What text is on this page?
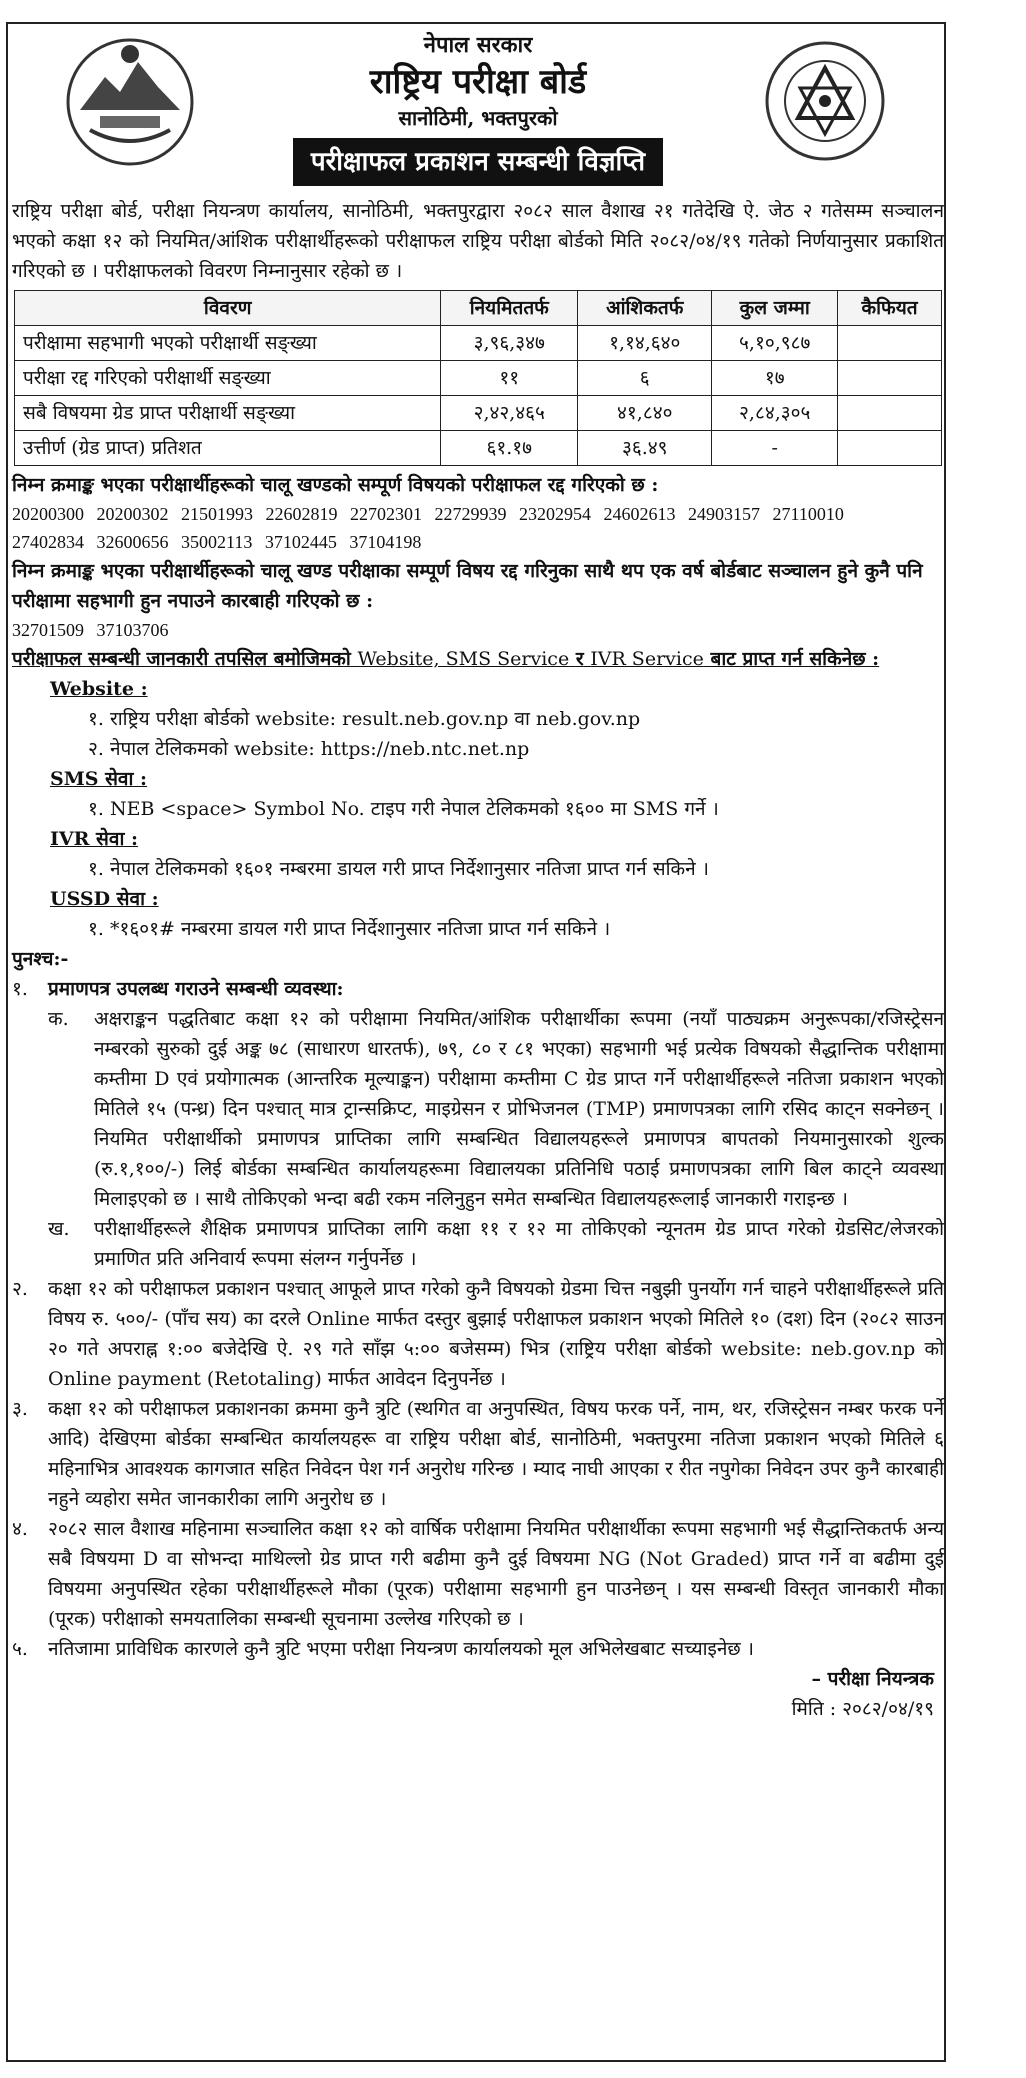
नेपाल सरकार
राष्ट्रिय परीक्षा बोर्ड
सानोठिमी, भक्तपुरको
परीक्षाफल प्रकाशन सम्बन्धी विज्ञप्ति

राष्ट्रिय परीक्षा बोर्ड, परीक्षा नियन्त्रण कार्यालय, सानोठिमी, भक्तपुरद्वारा २०८२ साल वैशाख २१ गतेदेखि ऐ. जेठ २ गतेसम्म सञ्चालन भएको कक्षा १२ को नियमित/आंशिक परीक्षार्थीहरूको परीक्षाफल राष्ट्रिय परीक्षा बोर्डको मिति २०८२/०४/१९ गतेको निर्णयानुसार प्रकाशित गरिएको छ । परीक्षाफलको विवरण निम्नानुसार रहेको छ ।

विवरण	नियमिततर्फ	आंशिकतर्फ	कुल जम्मा	कैफियत
परीक्षामा सहभागी भएको परीक्षार्थी सङ्ख्या	३,९६,३४७	१,१४,६४०	५,१०,९८७	
परीक्षा रद्द गरिएको परीक्षार्थी सङ्ख्या	११	६	१७	
सबै विषयमा ग्रेड प्राप्त परीक्षार्थी सङ्ख्या	२,४२,४६५	४१,८४०	२,८४,३०५	
उत्तीर्ण (ग्रेड प्राप्त) प्रतिशत	६१.१७	३६.४९	-	

निम्न क्रमाङ्क भएका परीक्षार्थीहरूको चालू खण्डको सम्पूर्ण विषयको परीक्षाफल रद्द गरिएको छ :

20200300 20200302 21501993 22602819 22702301 22729939 23202954 24602613 24903157 27110010

27402834 32600656 35002113 37102445 37104198

निम्न क्रमाङ्क भएका परीक्षार्थीहरूको चालू खण्ड परीक्षाका सम्पूर्ण विषय रद्द गरिनुका साथै थप एक वर्ष बोर्डबाट सञ्चालन हुने कुनै पनि परीक्षामा सहभागी हुन नपाउने कारबाही गरिएको छ :

32701509 37103706

परीक्षाफल सम्बन्धी जानकारी तपसिल बमोजिमको Website, SMS Service र IVR Service बाट प्राप्त गर्न सकिनेछ :

Website :

१. राष्ट्रिय परीक्षा बोर्डको website: result.neb.gov.np वा neb.gov.np

२. नेपाल टेलिकमको website: https://neb.ntc.net.np

SMS सेवा :

१. NEB <space> Symbol No. टाइप गरी नेपाल टेलिकमको १६०० मा SMS गर्ने ।

IVR सेवा :

१. नेपाल टेलिकमको १६०१ नम्बरमा डायल गरी प्राप्त निर्देशानुसार नतिजा प्राप्त गर्न सकिने ।

USSD सेवा :

१. *१६०१# नम्बरमा डायल गरी प्राप्त निर्देशानुसार नतिजा प्राप्त गर्न सकिने ।

पुनश्च:-

१.	प्रमाणपत्र उपलब्ध गराउने सम्बन्धी व्यवस्था:
क.	अक्षराङ्कन पद्धतिबाट कक्षा १२ को परीक्षामा नियमित/आंशिक परीक्षार्थीका रूपमा (नयाँ पाठ्यक्रम अनुरूपका/रजिस्ट्रेसन नम्बरको सुरुको दुई अङ्क ७८ (साधारण धारतर्फ), ७९, ८० र ८१ भएका) सहभागी भई प्रत्येक विषयको सैद्धान्तिक परीक्षामा कम्तीमा D एवं प्रयोगात्मक (आन्तरिक मूल्याङ्कन) परीक्षामा कम्तीमा C ग्रेड प्राप्त गर्ने परीक्षार्थीहरूले नतिजा प्रकाशन भएको मितिले १५ (पन्ध्र) दिन पश्चात् मात्र ट्रान्सक्रिप्ट, माइग्रेसन र प्रोभिजनल (TMP) प्रमाणपत्रका लागि रसिद काट्न सक्नेछन् । नियमित परीक्षार्थीको प्रमाणपत्र प्राप्तिका लागि सम्बन्धित विद्यालयहरूले प्रमाणपत्र बापतको नियमानुसारको शुल्क (रु.१,१००/-) लिई बोर्डका सम्बन्धित कार्यालयहरूमा विद्यालयका प्रतिनिधि पठाई प्रमाणपत्रका लागि बिल काट्ने व्यवस्था मिलाइएको छ । साथै तोकिएको भन्दा बढी रकम नलिनुहुन समेत सम्बन्धित विद्यालयहरूलाई जानकारी गराइन्छ ।
ख.	परीक्षार्थीहरूले शैक्षिक प्रमाणपत्र प्राप्तिका लागि कक्षा ११ र १२ मा तोकिएको न्यूनतम ग्रेड प्राप्त गरेको ग्रेडसिट/लेजरको प्रमाणित प्रति अनिवार्य रूपमा संलग्न गर्नुपर्नेछ ।
२.	कक्षा १२ को परीक्षाफल प्रकाशन पश्चात् आफूले प्राप्त गरेको कुनै विषयको ग्रेडमा चित्त नबुझी पुनर्योग गर्न चाहने परीक्षार्थीहरूले प्रति विषय रु. ५००/- (पाँच सय) का दरले Online मार्फत दस्तुर बुझाई परीक्षाफल प्रकाशन भएको मितिले १० (दश) दिन (२०८२ साउन २० गते अपराह्न १:०० बजेदेखि ऐ. २९ गते साँझ ५:०० बजेसम्म) भित्र (राष्ट्रिय परीक्षा बोर्डको website: neb.gov.np को Online payment (Retotaling) मार्फत आवेदन दिनुपर्नेछ ।
३.	कक्षा १२ को परीक्षाफल प्रकाशनका क्रममा कुनै त्रुटि (स्थगित वा अनुपस्थित, विषय फरक पर्ने, नाम, थर, रजिस्ट्रेसन नम्बर फरक पर्ने आदि) देखिएमा बोर्डका सम्बन्धित कार्यालयहरू वा राष्ट्रिय परीक्षा बोर्ड, सानोठिमी, भक्तपुरमा नतिजा प्रकाशन भएको मितिले ६ महिनाभित्र आवश्यक कागजात सहित निवेदन पेश गर्न अनुरोध गरिन्छ । म्याद नाघी आएका र रीत नपुगेका निवेदन उपर कुनै कारबाही नहुने व्यहोरा समेत जानकारीका लागि अनुरोध छ ।
४.	२०८२ साल वैशाख महिनामा सञ्चालित कक्षा १२ को वार्षिक परीक्षामा नियमित परीक्षार्थीका रूपमा सहभागी भई सैद्धान्तिकतर्फ अन्य सबै विषयमा D वा सोभन्दा माथिल्लो ग्रेड प्राप्त गरी बढीमा कुनै दुई विषयमा NG (Not Graded) प्राप्त गर्ने वा बढीमा दुई विषयमा अनुपस्थित रहेका परीक्षार्थीहरूले मौका (पूरक) परीक्षामा सहभागी हुन पाउनेछन् । यस सम्बन्धी विस्तृत जानकारी मौका (पूरक) परीक्षाको समयतालिका सम्बन्धी सूचनामा उल्लेख गरिएको छ ।
५.	नतिजामा प्राविधिक कारणले कुनै त्रुटि भएमा परीक्षा नियन्त्रण कार्यालयको मूल अभिलेखबाट सच्याइनेछ ।

– परीक्षा नियन्त्रक

मिति : २०८२/०४/१९
